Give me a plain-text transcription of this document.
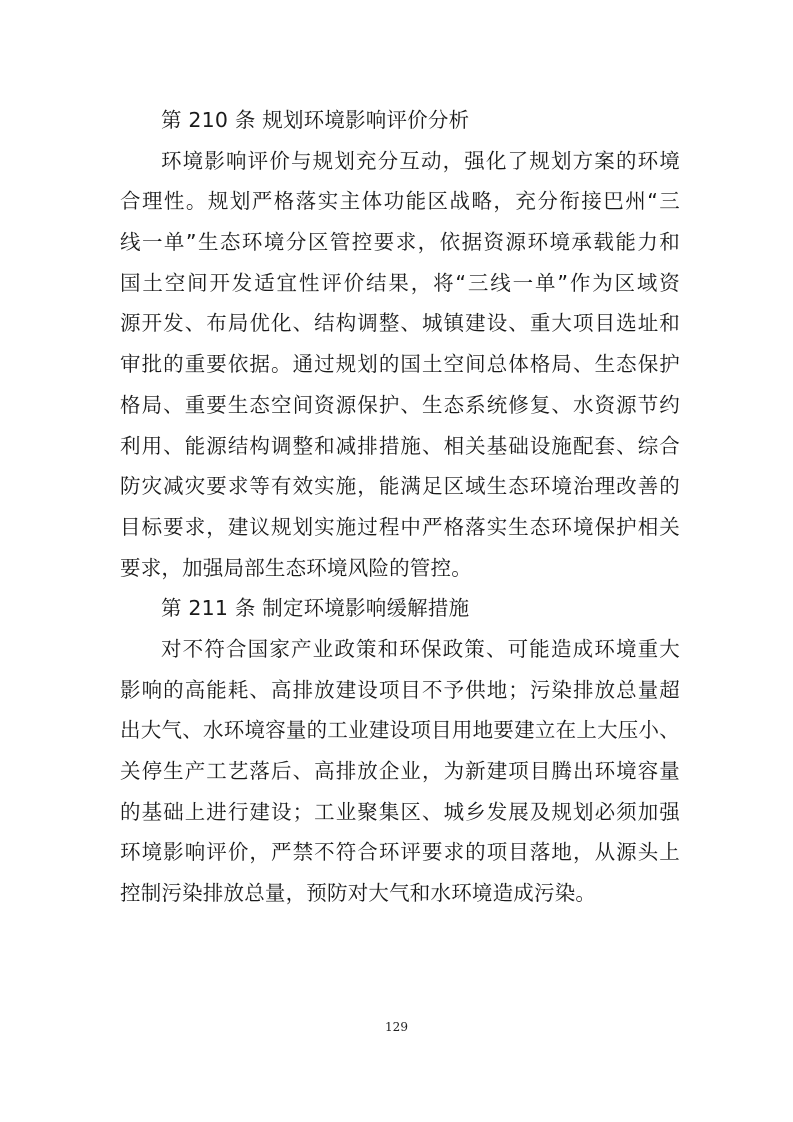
第 210 条 规划环境影响评价分析
环境影响评价与规划充分互动，强化了规划方案的环境
合理性。规划严格落实主体功能区战略，充分衔接巴州“三
线一单”生态环境分区管控要求，依据资源环境承载能力和
国土空间开发适宜性评价结果，将“三线一单”作为区域资
源开发、布局优化、结构调整、城镇建设、重大项目选址和
审批的重要依据。通过规划的国土空间总体格局、生态保护
格局、重要生态空间资源保护、生态系统修复、水资源节约
利用、能源结构调整和减排措施、相关基础设施配套、综合
防灾减灾要求等有效实施，能满足区域生态环境治理改善的
目标要求，建议规划实施过程中严格落实生态环境保护相关
要求，加强局部生态环境风险的管控。
第 211 条 制定环境影响缓解措施
对不符合国家产业政策和环保政策、可能造成环境重大
影响的高能耗、高排放建设项目不予供地；污染排放总量超
出大气、水环境容量的工业建设项目用地要建立在上大压小、
关停生产工艺落后、高排放企业，为新建项目腾出环境容量
的基础上进行建设；工业聚集区、城乡发展及规划必须加强
环境影响评价，严禁不符合环评要求的项目落地，从源头上
控制污染排放总量，预防对大气和水环境造成污染。
129
